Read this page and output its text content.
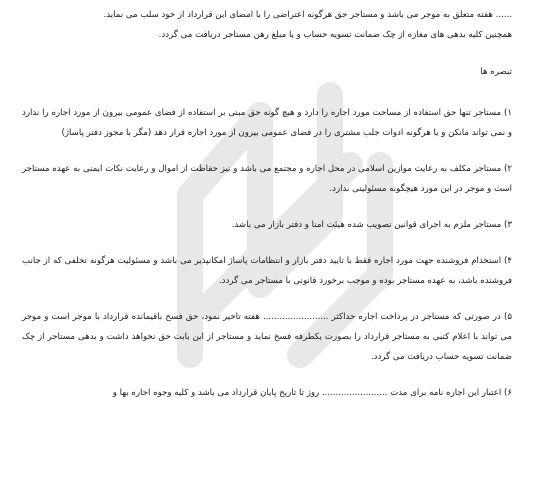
...... هفته متعلق به موجر می باشد و مستاجر حق هرگونه اعتراضی را با امضای این قرارداد از خود سلب می نماید.

همچنین کلیه بدهی های مغازه از چک ضمانت تسویه حساب و یا مبلغ رهن مستاجر دریافت می گردد.

تبصره ها

۱) مستاجر تنها حق استفاده از مساحت مورد اجاره را دارد و هیچ گونه حق مبنی بر استفاده از فضای عمومی بیرون از مورد اجاره را ندارد و نمی تواند مانکن و یا هرگونه ادوات جلب مشتری را در فضای عمومی بیرون از مورد اجاره قرار دهد (مگر با مجوز دفتر پاساژ)

۲) مستاجر مکلف به رعایت موازین اسلامی در محل اجاره و مجتمع می باشد و نیز حفاظت از اموال و رعایت نکات ایمنی به عهده مستاجر است و موجر در این مورد هیچگونه مسئولیتی ندارد.

۳) مستاجر ملزم به اجرای قوانین تصویب شده هیئت امنا و دفتر بازار می باشد.

۴) استخدام فروشنده جهت مورد اجاره فقط با تایید دفتر بازار و انتظامات پاساژ امکانپذیر می باشد و مسئولیت هرگونه تخلفی که از جانب فروشنده باشد، به عهده مستاجر بوده و موجب برخورد قانونی با مستاجر می گردد.

۵) در صورتی که مستاجر در پرداخت اجاره حداکثر ........................ هفته تاخیر نمود، حق فسخ باقیمانده قرارداد با موجر است و موجر می تواند با اعلام کتبی به مستاجر قرارداد را بصورت یکطرفه فسخ نماید و مستاجر از این بابت حق نخواهد داشت و بدهی مستاجر از چک ضمانت تسویه حساب دریافت می گردد.

۶) اعتبار این اجاره نامه برای مدت ........................ روز تا تاریخ پایان قرارداد می باشد و کلیه وجوه اجاره بها و
